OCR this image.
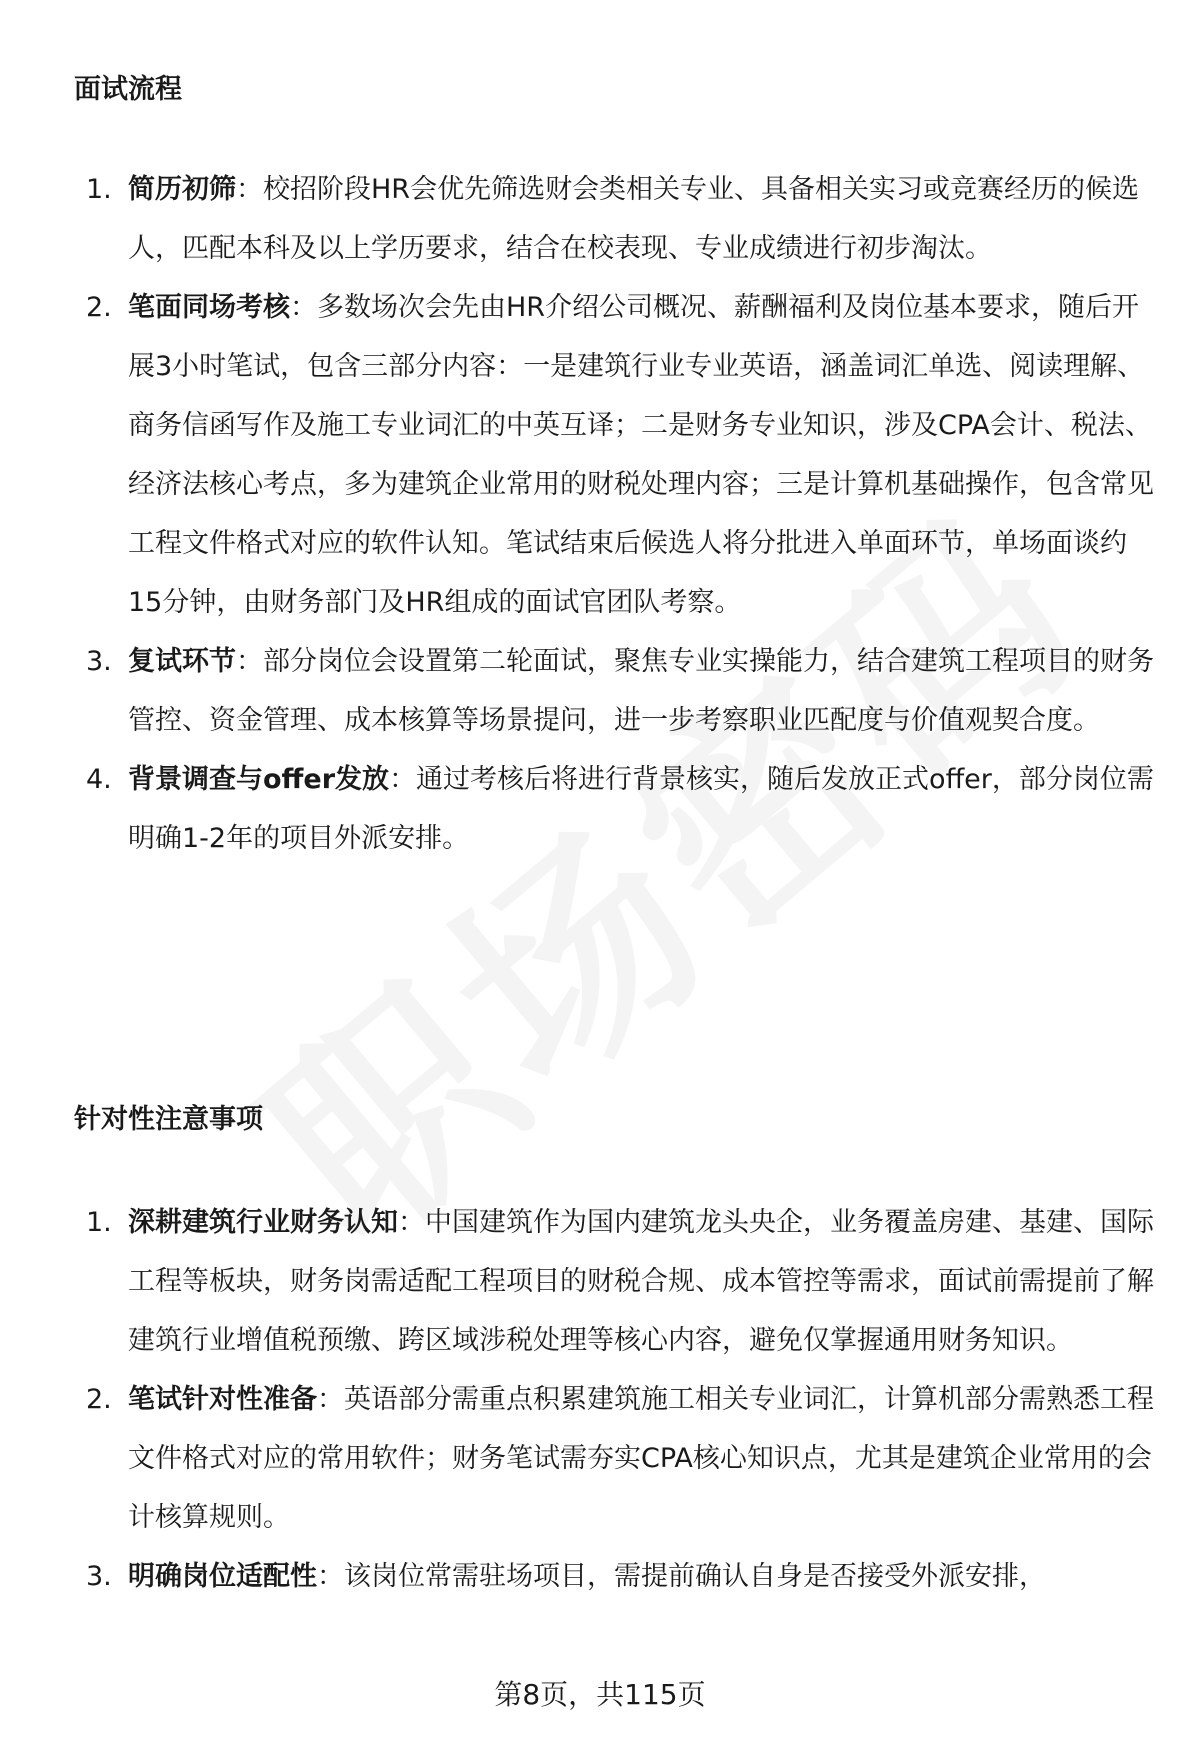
面试流程
1. 简历初筛：校招阶段HR会优先筛选财会类相关专业、具备相关实习或竞赛经历的候选人，匹配本科及以上学历要求，结合在校表现、专业成绩进行初步淘汰。
2. 笔面同场考核：多数场次会先由HR介绍公司概况、薪酬福利及岗位基本要求，随后开展3小时笔试，包含三部分内容：一是建筑行业专业英语，涵盖词汇单选、阅读理解、商务信函写作及施工专业词汇的中英互译；二是财务专业知识，涉及CPA会计、税法、经济法核心考点，多为建筑企业常用的财税处理内容；三是计算机基础操作，包含常见工程文件格式对应的软件认知。笔试结束后候选人将分批进入单面环节，单场面谈约15分钟，由财务部门及HR组成的面试官团队考察。
3. 复试环节：部分岗位会设置第二轮面试，聚焦专业实操能力，结合建筑工程项目的财务管控、资金管理、成本核算等场景提问，进一步考察职业匹配度与价值观契合度。
4. 背景调查与offer发放：通过考核后将进行背景核实，随后发放正式offer，部分岗位需明确1-2年的项目外派安排。
针对性注意事项
1. 深耕建筑行业财务认知：中国建筑作为国内建筑龙头央企，业务覆盖房建、基建、国际工程等板块，财务岗需适配工程项目的财税合规、成本管控等需求，面试前需提前了解建筑行业增值税预缴、跨区域涉税处理等核心内容，避免仅掌握通用财务知识。
2. 笔试针对性准备：英语部分需重点积累建筑施工相关专业词汇，计算机部分需熟悉工程文件格式对应的常用软件；财务笔试需夯实CPA核心知识点，尤其是建筑企业常用的会计核算规则。
3. 明确岗位适配性：该岗位常需驻场项目，需提前确认自身是否接受外派安排，
第8页，共115页
